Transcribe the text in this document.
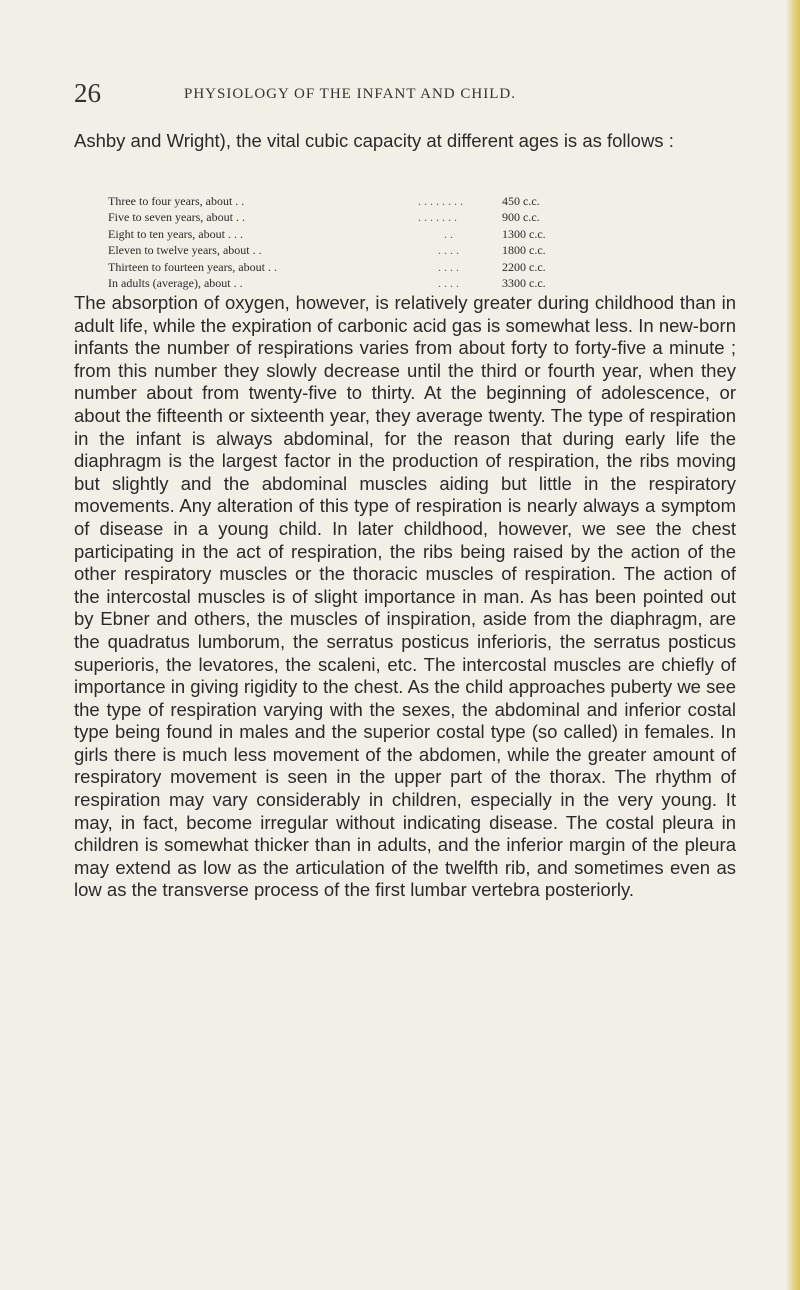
26	PHYSIOLOGY OF THE INFANT AND CHILD.

Ashby and Wright), the vital cubic capacity at different ages is as follows :

Three to four years, about . .	. . . . . . . .	450 c.c.
Five to seven years, about . .	. . . . . . .	900 c.c.
Eight to ten years, about . . .	. .	1300 c.c.
Eleven to twelve years, about . .	. . . .	1800 c.c.
Thirteen to fourteen years, about . .	. . . .	2200 c.c.
In adults (average), about . .	. . . .	3300 c.c.

The absorption of oxygen, however, is relatively greater during childhood than in adult life, while the expiration of carbonic acid gas is somewhat less. In new-born infants the number of respirations varies from about forty to forty-five a minute ; from this number they slowly decrease until the third or fourth year, when they number about from twenty-five to thirty. At the beginning of adolescence, or about the fifteenth or sixteenth year, they average twenty. The type of respiration in the infant is always abdominal, for the reason that during early life the diaphragm is the largest factor in the production of respiration, the ribs moving but slightly and the abdominal muscles aiding but little in the respiratory movements. Any alteration of this type of respiration is nearly always a symptom of disease in a young child. In later childhood, however, we see the chest participating in the act of respiration, the ribs being raised by the action of the other respiratory muscles or the thoracic muscles of respiration. The action of the intercostal muscles is of slight importance in man. As has been pointed out by Ebner and others, the muscles of inspiration, aside from the diaphragm, are the quadratus lumborum, the serratus posticus inferioris, the serratus posticus superioris, the levatores, the scaleni, etc. The intercostal muscles are chiefly of importance in giving rigidity to the chest. As the child approaches puberty we see the type of respiration varying with the sexes, the abdominal and inferior costal type being found in males and the superior costal type (so called) in females. In girls there is much less movement of the abdomen, while the greater amount of respiratory movement is seen in the upper part of the thorax. The rhythm of respiration may vary considerably in children, especially in the very young. It may, in fact, become irregular without indicating disease. The costal pleura in children is somewhat thicker than in adults, and the inferior margin of the pleura may extend as low as the articulation of the twelfth rib, and sometimes even as low as the transverse process of the first lumbar vertebra posteriorly.
